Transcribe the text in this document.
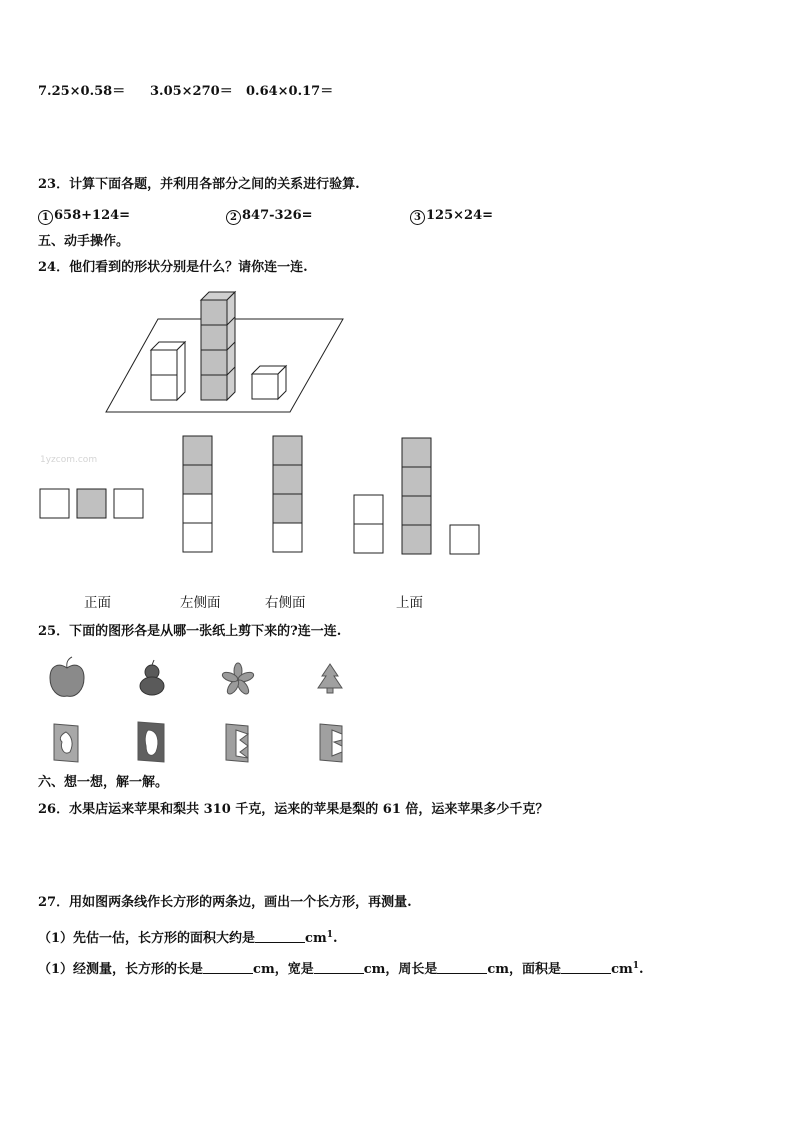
7.25×0.58＝ 3.05×270＝ 0.64×0.17＝
23．计算下面各题，并利用各部分之间的关系进行验算.
1 658+124=	2 847-326=	3 125×24=
五、动手操作。
24．他们看到的形状分别是什么？请你连一连.
1yzcom.com
正面	左侧面	右侧面	上面
25．下面的图形各是从哪一张纸上剪下来的?连一连.
六、想一想，解一解。
26．水果店运来苹果和梨共 310 千克，运来的苹果是梨的 61 倍，运来苹果多少千克？
27．用如图两条线作长方形的两条边，画出一个长方形，再测量.
（1）先估一估，长方形的面积大约是	$cm^1$.
（1）经测量，长方形的长是	cm，宽是	cm，周长是	cm，面积是	$cm^1$.
